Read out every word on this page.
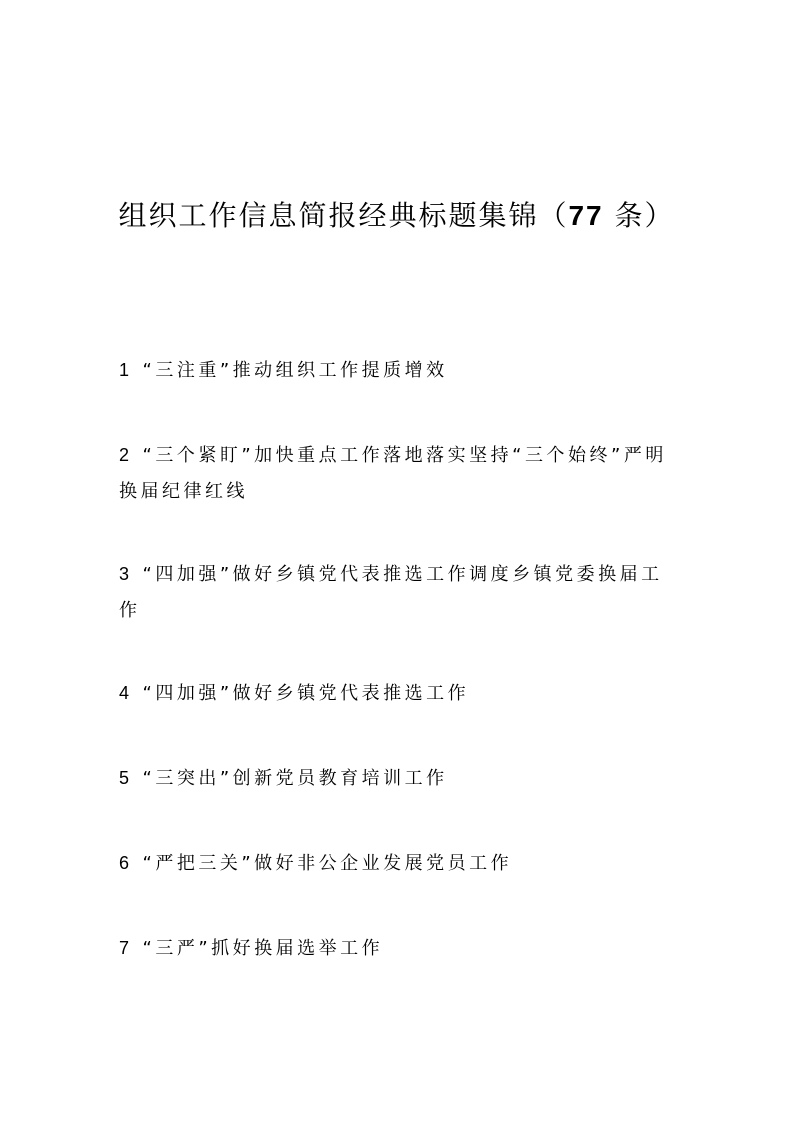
组织工作信息简报经典标题集锦（77 条）
1 “三注重”推动组织工作提质增效
2 “三个紧盯”加快重点工作落地落实坚持“三个始终”严明换届纪律红线
3 “四加强”做好乡镇党代表推选工作调度乡镇党委换届工作
4 “四加强”做好乡镇党代表推选工作
5 “三突出”创新党员教育培训工作
6 “严把三关”做好非公企业发展党员工作
7 “三严”抓好换届选举工作
